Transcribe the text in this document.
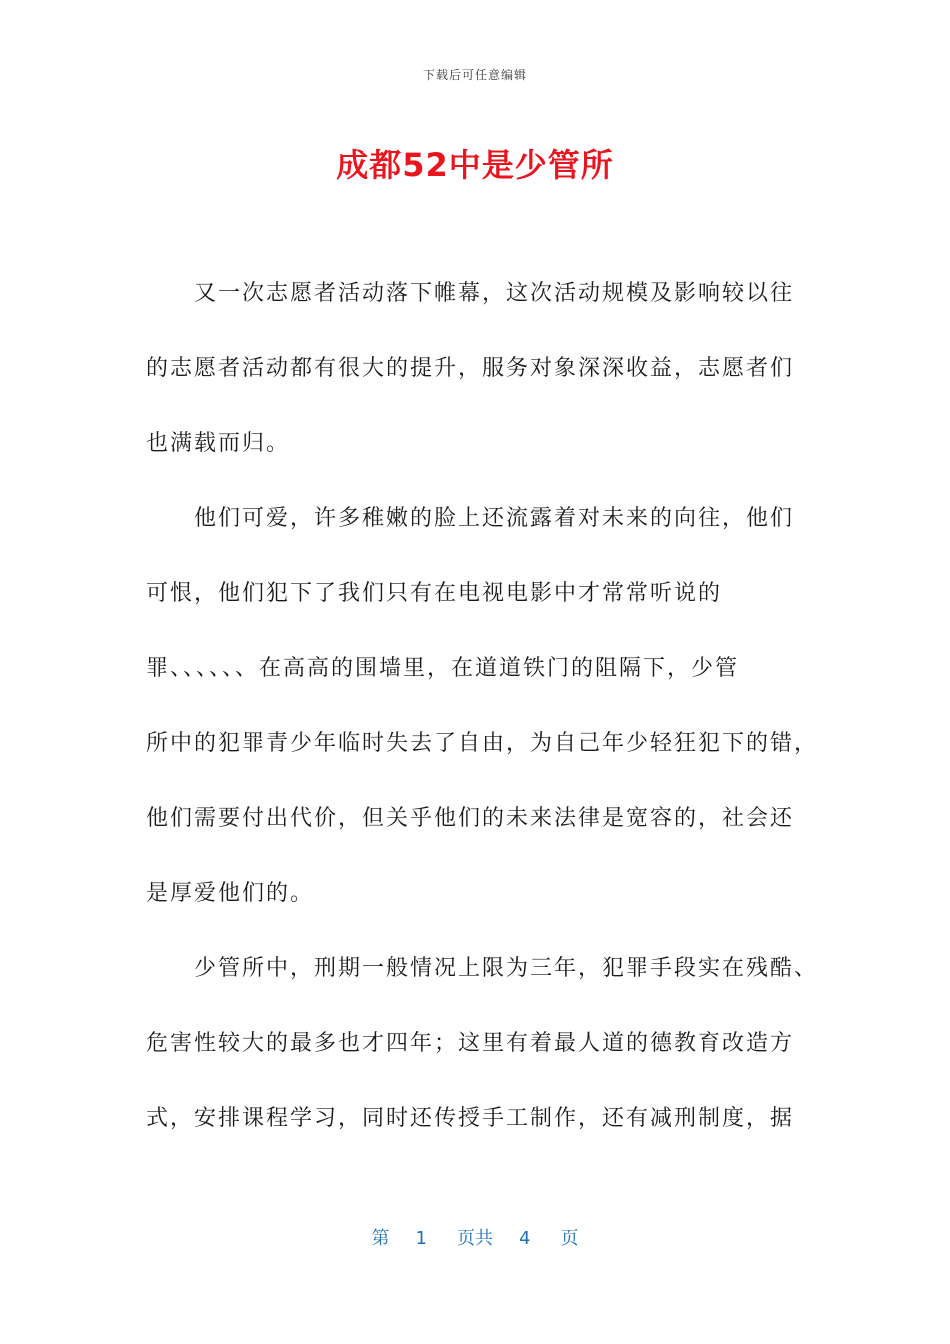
下载后可任意编辑
成都52中是少管所
又一次志愿者活动落下帷幕，这次活动规模及影响较以往
的志愿者活动都有很大的提升，服务对象深深收益，志愿者们
也满载而归。
他们可爱，许多稚嫩的脸上还流露着对未来的向往，他们
可恨，他们犯下了我们只有在电视电影中才常常听说的
罪、、、、、、在高高的围墙里，在道道铁门的阻隔下，少管
所中的犯罪青少年临时失去了自由，为自己年少轻狂犯下的错，
他们需要付出代价，但关乎他们的未来法律是宽容的，社会还
是厚爱他们的。
少管所中，刑期一般情况上限为三年，犯罪手段实在残酷、
危害性较大的最多也才四年；这里有着最人道的德教育改造方
式，安排课程学习，同时还传授手工制作，还有减刑制度，据
第 1 页共 4 页
